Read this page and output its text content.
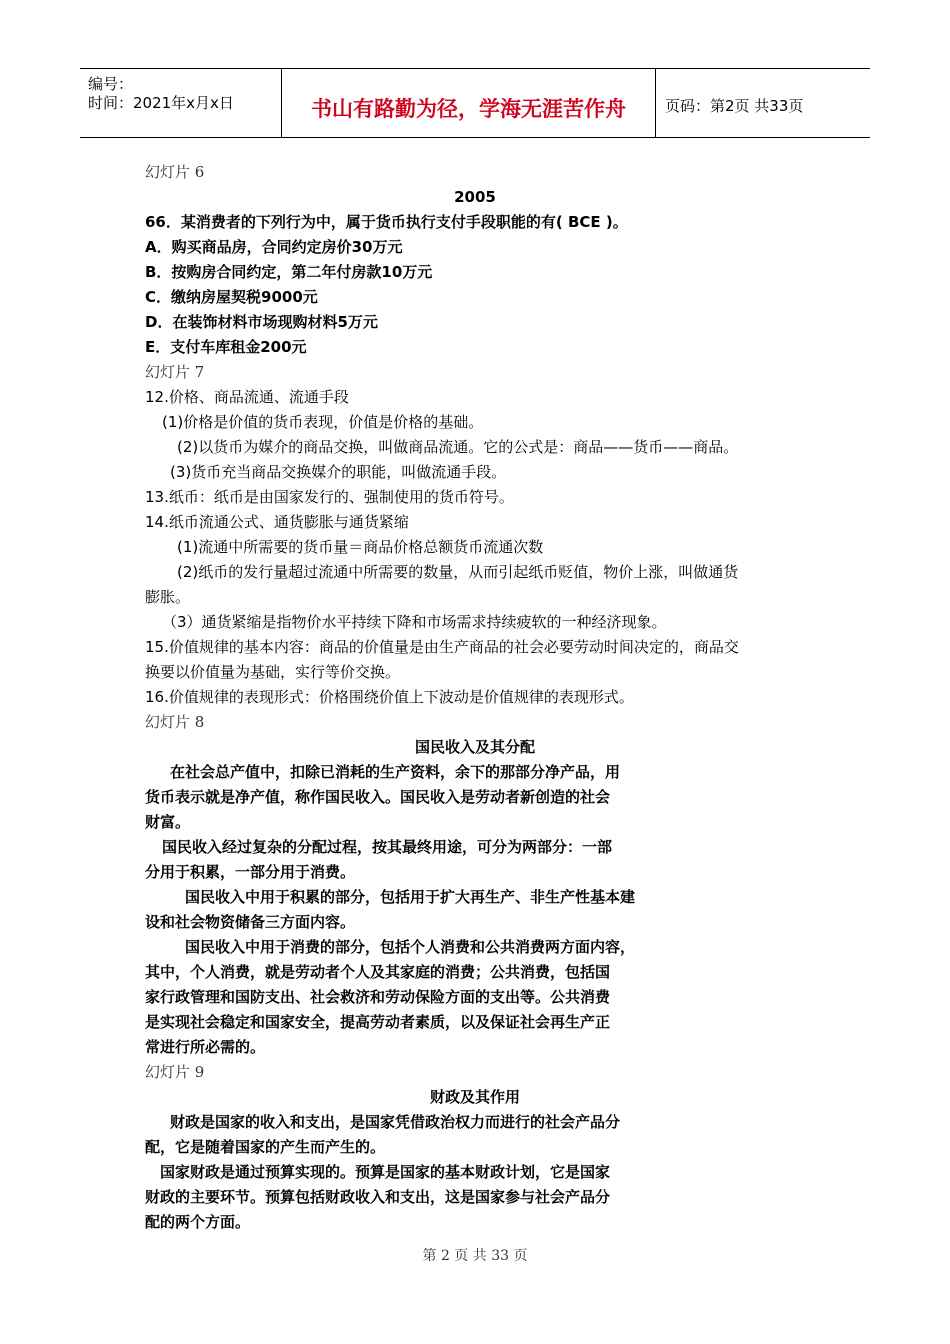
编号：
时间：2021年x月x日	书山有路勤为径，学海无涯苦作舟	页码：第2页 共33页
幻灯片 6
2005
66．某消费者的下列行为中，属于货币执行支付手段职能的有( BCE )。
A．购买商品房，合同约定房价30万元
B．按购房合同约定，第二年付房款10万元
C．缴纳房屋契税9000元
D．在装饰材料市场现购材料5万元
E．支付车库租金200元
幻灯片 7
12.价格、商品流通、流通手段
(1)价格是价值的货币表现，价值是价格的基础。
(2)以货币为媒介的商品交换，叫做商品流通。它的公式是：商品——货币——商品。
(3)货币充当商品交换媒介的职能，叫做流通手段。
13.纸币：纸币是由国家发行的、强制使用的货币符号。
14.纸币流通公式、通货膨胀与通货紧缩
(1)流通中所需要的货币量＝商品价格总额货币流通次数
(2)纸币的发行量超过流通中所需要的数量，从而引起纸币贬值，物价上涨，叫做通货
膨胀。
（3）通货紧缩是指物价水平持续下降和市场需求持续疲软的一种经济现象。
15.价值规律的基本内容：商品的价值量是由生产商品的社会必要劳动时间决定的，商品交
换要以价值量为基础，实行等价交换。
16.价值规律的表现形式：价格围绕价值上下波动是价值规律的表现形式。
幻灯片 8
国民收入及其分配
在社会总产值中，扣除已消耗的生产资料，余下的那部分净产品，用
货币表示就是净产值，称作国民收入。国民收入是劳动者新创造的社会
财富。
国民收入经过复杂的分配过程，按其最终用途，可分为两部分：一部
分用于积累，一部分用于消费。
国民收入中用于积累的部分，包括用于扩大再生产、非生产性基本建
设和社会物资储备三方面内容。
国民收入中用于消费的部分，包括个人消费和公共消费两方面内容，
其中，个人消费，就是劳动者个人及其家庭的消费；公共消费，包括国
家行政管理和国防支出、社会救济和劳动保险方面的支出等。公共消费
是实现社会稳定和国家安全，提高劳动者素质，以及保证社会再生产正
常进行所必需的。
幻灯片 9
财政及其作用
财政是国家的收入和支出，是国家凭借政治权力而进行的社会产品分
配，它是随着国家的产生而产生的。
国家财政是通过预算实现的。预算是国家的基本财政计划，它是国家
财政的主要环节。预算包括财政收入和支出，这是国家参与社会产品分
配的两个方面。
第 2 页 共 33 页
